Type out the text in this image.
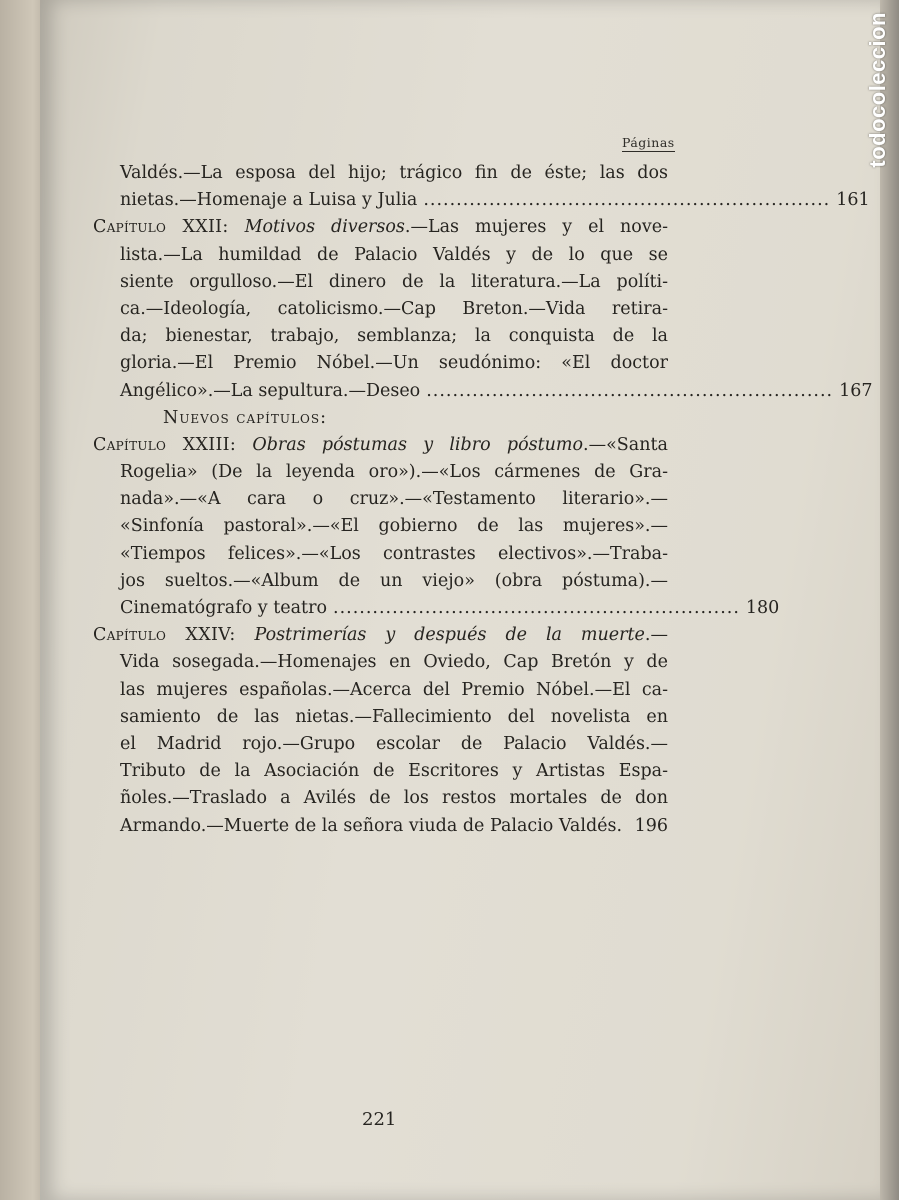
todocoleccion
Páginas
Valdés.—La esposa del hijo; trágico fin de éste; las dos
nietas.—Homenaje a Luisa y Julia .............................................................. 161
Capítulo XXII: Motivos diversos.—Las mujeres y el nove-
lista.—La humildad de Palacio Valdés y de lo que se
siente orgulloso.—El dinero de la literatura.—La políti-
ca.—Ideología, catolicismo.—Cap Breton.—Vida retira-
da; bienestar, trabajo, semblanza; la conquista de la
gloria.—El Premio Nóbel.—Un seudónimo: «El doctor
Angélico».—La sepultura.—Deseo .............................................................. 167
Nuevos capítulos:
Capítulo XXIII: Obras póstumas y libro póstumo.—«Santa
Rogelia» (De la leyenda oro»).—«Los cármenes de Gra-
nada».—«A cara o cruz».—«Testamento literario».—
«Sinfonía pastoral».—«El gobierno de las mujeres».—
«Tiempos felices».—«Los contrastes electivos».—Traba-
jos sueltos.—«Album de un viejo» (obra póstuma).—
Cinematógrafo y teatro .............................................................. 180
Capítulo XXIV: Postrimerías y después de la muerte.—
Vida sosegada.—Homenajes en Oviedo, Cap Bretón y de
las mujeres españolas.—Acerca del Premio Nóbel.—El ca-
samiento de las nietas.—Fallecimiento del novelista en
el Madrid rojo.—Grupo escolar de Palacio Valdés.—
Tributo de la Asociación de Escritores y Artistas Espa-
ñoles.—Traslado a Avilés de los restos mortales de don
Armando.—Muerte de la señora viuda de Palacio Valdés. 196
221
